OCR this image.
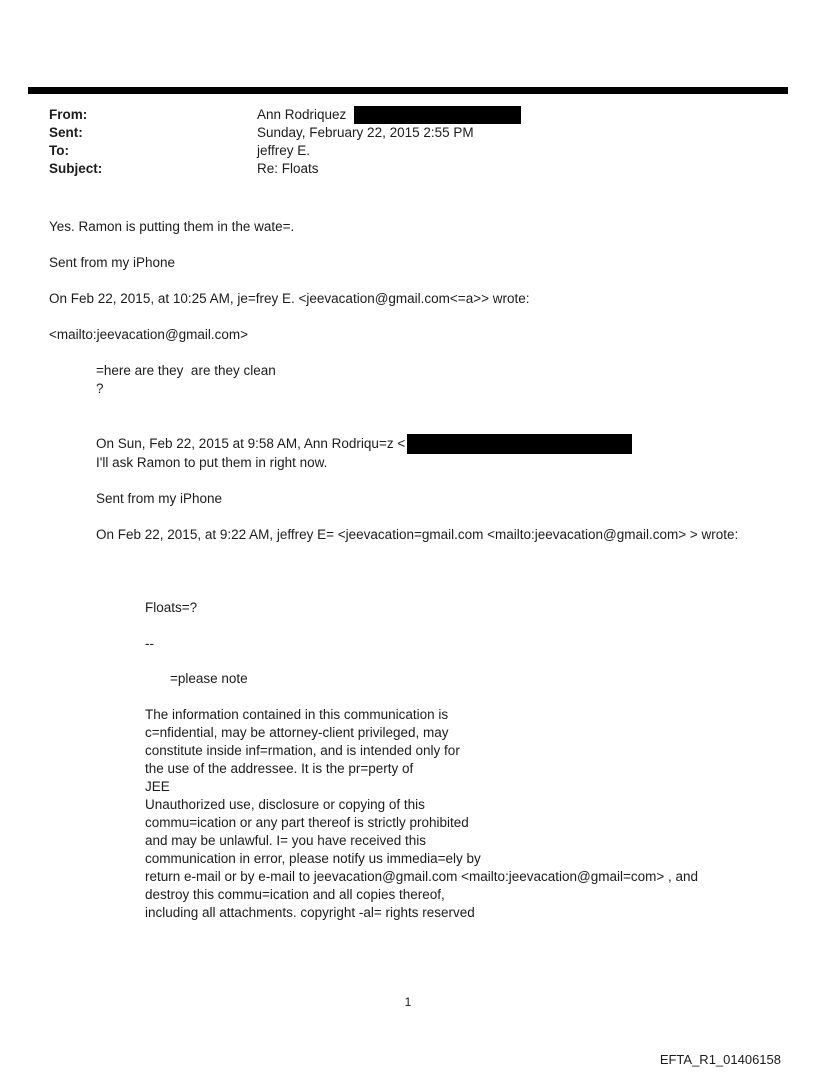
From:	Ann Rodriquez
Sent:	Sunday, February 22, 2015 2:55 PM
To:	jeffrey E.
Subject:	Re: Floats
Yes. Ramon is putting them in the wate=.
Sent from my iPhone
On Feb 22, 2015, at 10:25 AM, je=frey E. <jeevacation@gmail.com<=a>> wrote:
<mailto:jeevacation@gmail.com>
=here are they  are they clean
?
On Sun, Feb 22, 2015 at 9:58 AM, Ann Rodriqu=z <
I'll ask Ramon to put them in right now.
Sent from my iPhone
On Feb 22, 2015, at 9:22 AM, jeffrey E= <jeevacation=gmail.com <mailto:jeevacation@gmail.com> > wrote:
Floats=?
--
=please note
The information contained in this communication is
c=nfidential, may be attorney-client privileged, may
constitute inside inf=rmation, and is intended only for
the use of the addressee. It is the pr=perty of
JEE
Unauthorized use, disclosure or copying of this
commu=ication or any part thereof is strictly prohibited
and may be unlawful. I= you have received this
communication in error, please notify us immedia=ely by
return e-mail or by e-mail to jeevacation@gmail.com <mailto:jeevacation@gmail=com> , and
destroy this commu=ication and all copies thereof,
including all attachments. copyright -al= rights reserved
1
EFTA_R1_01406158
